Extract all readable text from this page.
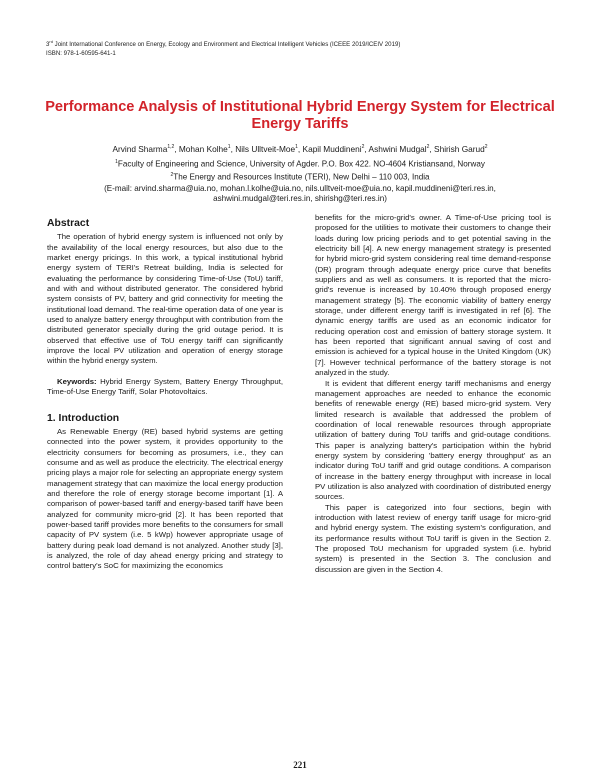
3rd Joint International Conference on Energy, Ecology and Environment and Electrical Intelligent Vehicles (ICEEE 2019/ICEIV 2019)
ISBN: 978-1-60595-641-1
Performance Analysis of Institutional Hybrid Energy System for Electrical Energy Tariffs
Arvind Sharma$^{1,2}$, Mohan Kolhe$^1$, Nils Ulltveit-Moe$^1$, Kapil Muddineni$^2$, Ashwini Mudgal$^2$, Shirish Garud$^2$
$^1$Faculty of Engineering and Science, University of Agder. P.O. Box 422. NO-4604 Kristiansand, Norway
$^2$The Energy and Resources Institute (TERI), New Delhi – 110 003, India
(E-mail: arvind.sharma@uia.no, mohan.l.kolhe@uia.no, nils.ulltveit-moe@uia.no, kapil.muddineni@teri.res.in,
ashwini.mudgal@teri.res.in, shirishg@teri.res.in)
Abstract

The operation of hybrid energy system is influenced not only by the availability of the local energy resources, but also due to the market energy pricings. In this work, a typical institutional hybrid energy system of TERI's Retreat building, India is selected for evaluating the performance by considering Time-of-Use (ToU) tariff, and with and without distributed generator. The considered hybrid system consists of PV, battery and grid connectivity for meeting the institutional load demand. The real-time operation data of one year is used to analyze battery energy throughput with contribution from the distributed generator specially during the grid outage period. It is observed that effective use of ToU energy tariff can significantly improve the local PV utilization and operation of energy storage within the hybrid energy system.

Keywords: Hybrid Energy System, Battery Energy Throughput, Time-of-Use Energy Tariff, Solar Photovoltaics.

1. Introduction

As Renewable Energy (RE) based hybrid systems are getting connected into the power system, it provides opportunity to the electricity consumers for becoming as prosumers, i.e., they can consume and as well as produce the electricity. The electrical energy pricing plays a major role for selecting an appropriate energy system management strategy that can maximize the local energy production and therefore the role of energy storage become important [1]. A comparison of power-based tariff and energy-based tariff have been analyzed for community micro-grid [2]. It has been reported that power-based tariff provides more benefits to the consumers for small capacity of PV system (i.e. 5 kWp) however appropriate usage of battery during peak load demand is not analyzed. Another study [3], is analyzed, the role of day ahead energy pricing and strategy to control battery's SoC for maximizing the economics

benefits for the micro-grid's owner. A Time-of-Use pricing tool is proposed for the utilities to motivate their customers to change their loads during low pricing periods and to get potential saving in the electricity bill [4]. A new energy management strategy is presented for hybrid micro-grid system considering real time demand-response (DR) program through adequate energy price curve that benefits suppliers and as well as consumers. It is reported that the micro-grid's revenue is increased by 10.40% through proposed energy management strategy [5]. The economic viability of battery energy storage, under different energy tariff is investigated in ref [6]. The dynamic energy tariffs are used as an economic indicator for reducing operation cost and emission of battery storage system. It has been reported that significant annual saving of cost and emission is achieved for a typical house in the United Kingdom (UK) [7]. However technical performance of the battery storage is not analyzed in the study.

It is evident that different energy tariff mechanisms and energy management approaches are needed to enhance the economic benefits of renewable energy (RE) based micro-grid system. Very limited research is available that addressed the problem of coordination of local renewable resources through appropriate utilization of battery during ToU tariffs and grid-outage conditions. This paper is analyzing battery's participation within the hybrid energy system by considering 'battery energy throughput' as an indicator during ToU tariff and grid outage conditions. A comparison of increase in the battery energy throughput with increase in local PV utilization is also analyzed with coordination of distributed energy sources.

This paper is categorized into four sections, begin with introduction with latest review of energy tariff usage for micro-grid and hybrid energy system. The existing system's configuration, and its performance results without ToU tariff is given in the Section 2. The proposed ToU mechanism for upgraded system (i.e. hybrid system) is presented in the Section 3. The conclusion and discussion are given in the Section 4.

221
